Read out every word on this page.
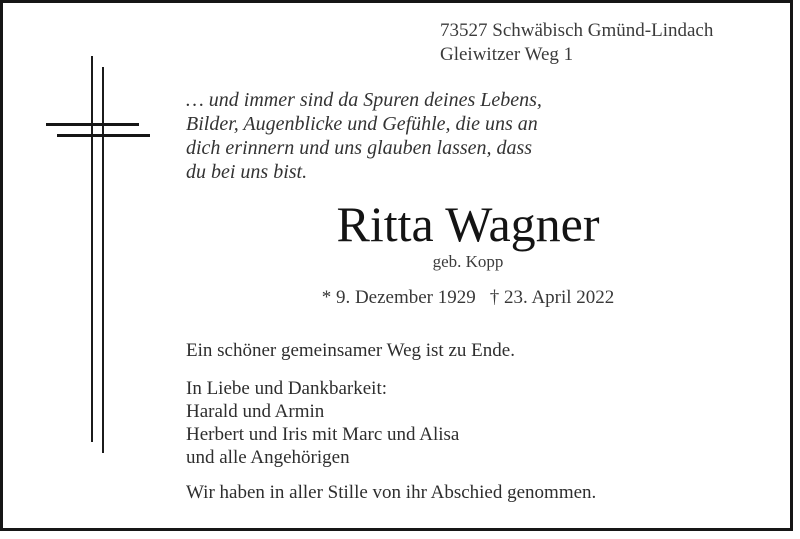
73527 Schwäbisch Gmünd-Lindach
Gleiwitzer Weg 1
… und immer sind da Spuren deines Lebens,
Bilder, Augenblicke und Gefühle, die uns an
dich erinnern und uns glauben lassen, dass
du bei uns bist.
Ritta Wagner
geb. Kopp
* 9. Dezember 1929 † 23. April 2022
Ein schöner gemeinsamer Weg ist zu Ende.
In Liebe und Dankbarkeit:
Harald und Armin
Herbert und Iris mit Marc und Alisa
und alle Angehörigen
Wir haben in aller Stille von ihr Abschied genommen.
